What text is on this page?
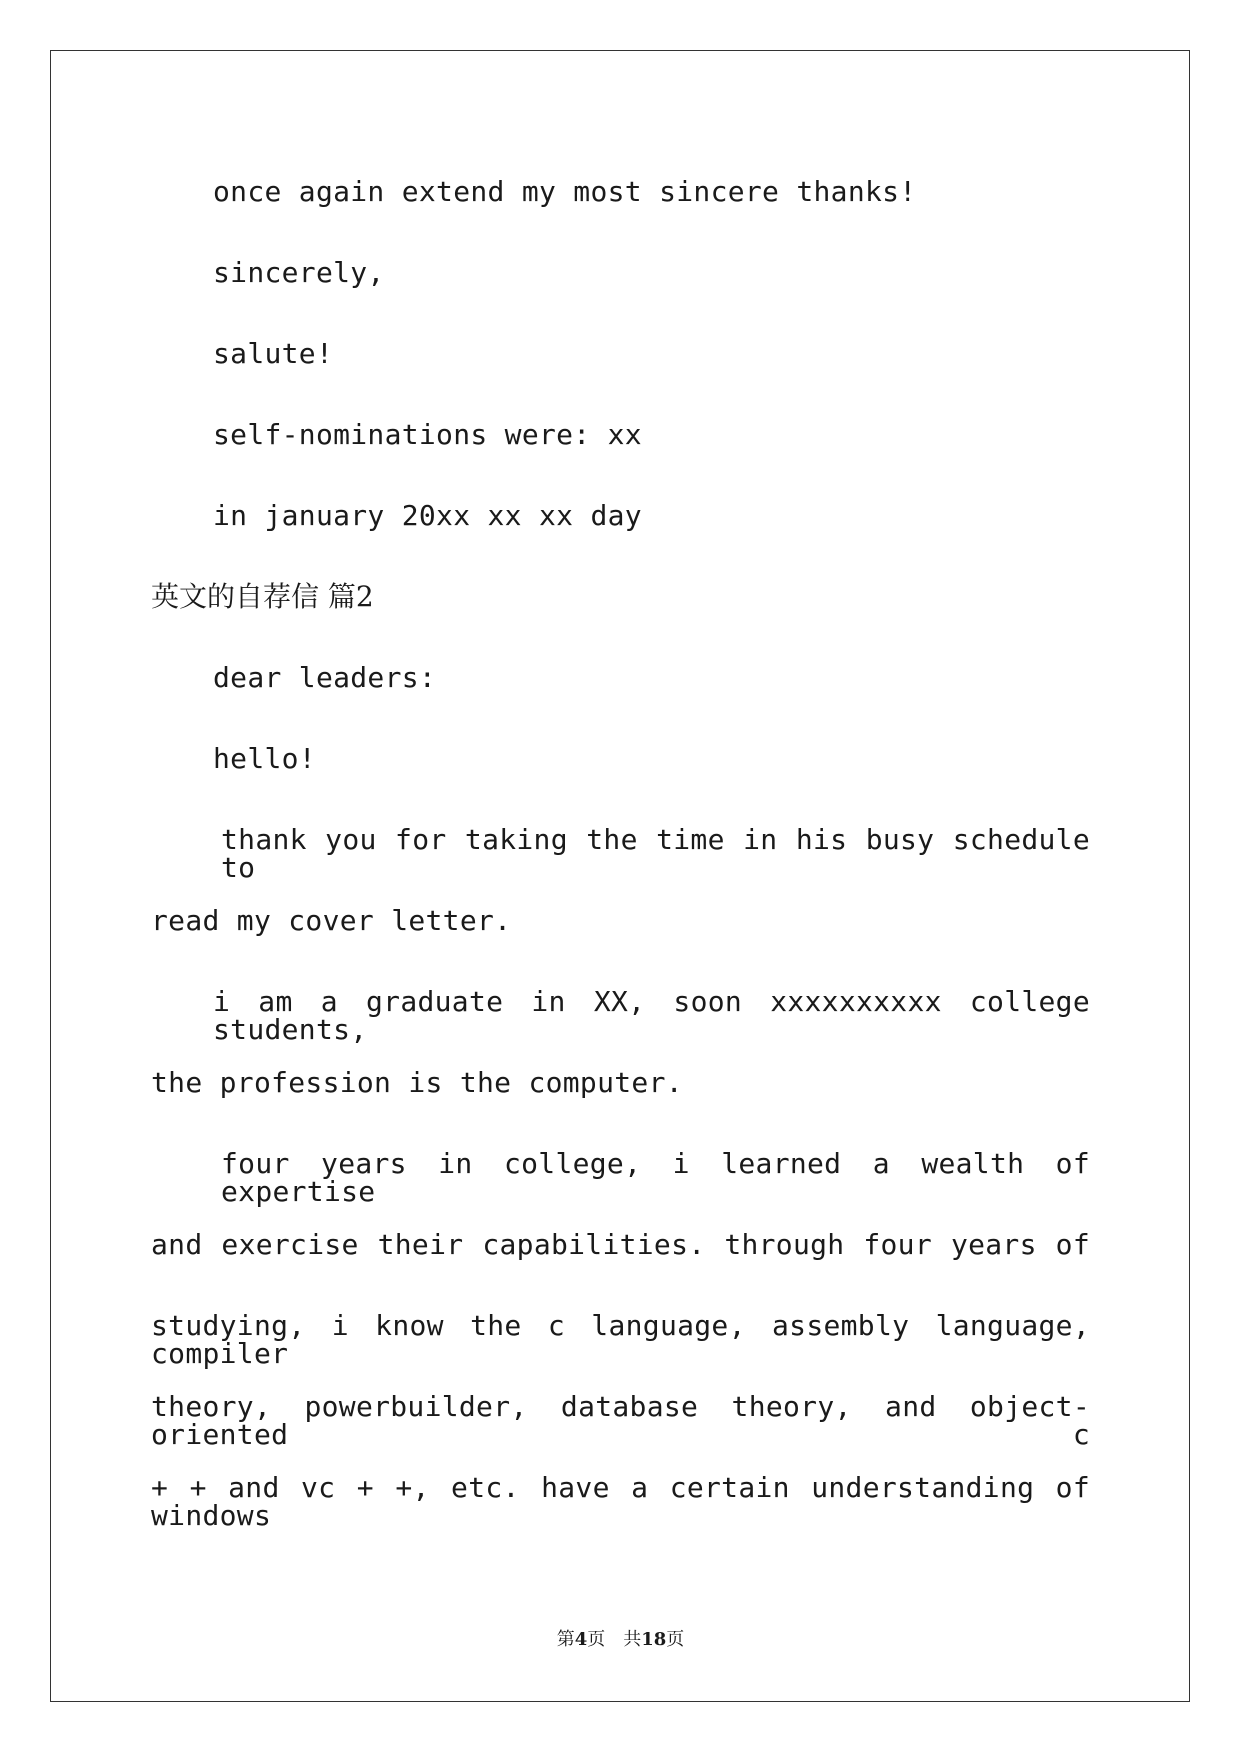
once again extend my most sincere thanks!
sincerely,
salute!
self-nominations were: xx
in january 20xx xx xx day
英文的自荐信 篇2
dear leaders:
hello!
thank you for taking the time in his busy schedule to
read my cover letter.
i am a graduate in XX, soon xxxxxxxxxx college students,
the profession is the computer.
four years in college, i learned a wealth of expertise
and exercise their capabilities. through four years of
studying, i know the c language, assembly language, compiler
theory, powerbuilder, database theory, and object-oriented c
+ + and vc + +, etc. have a certain understanding of windows
第4页　共18页
